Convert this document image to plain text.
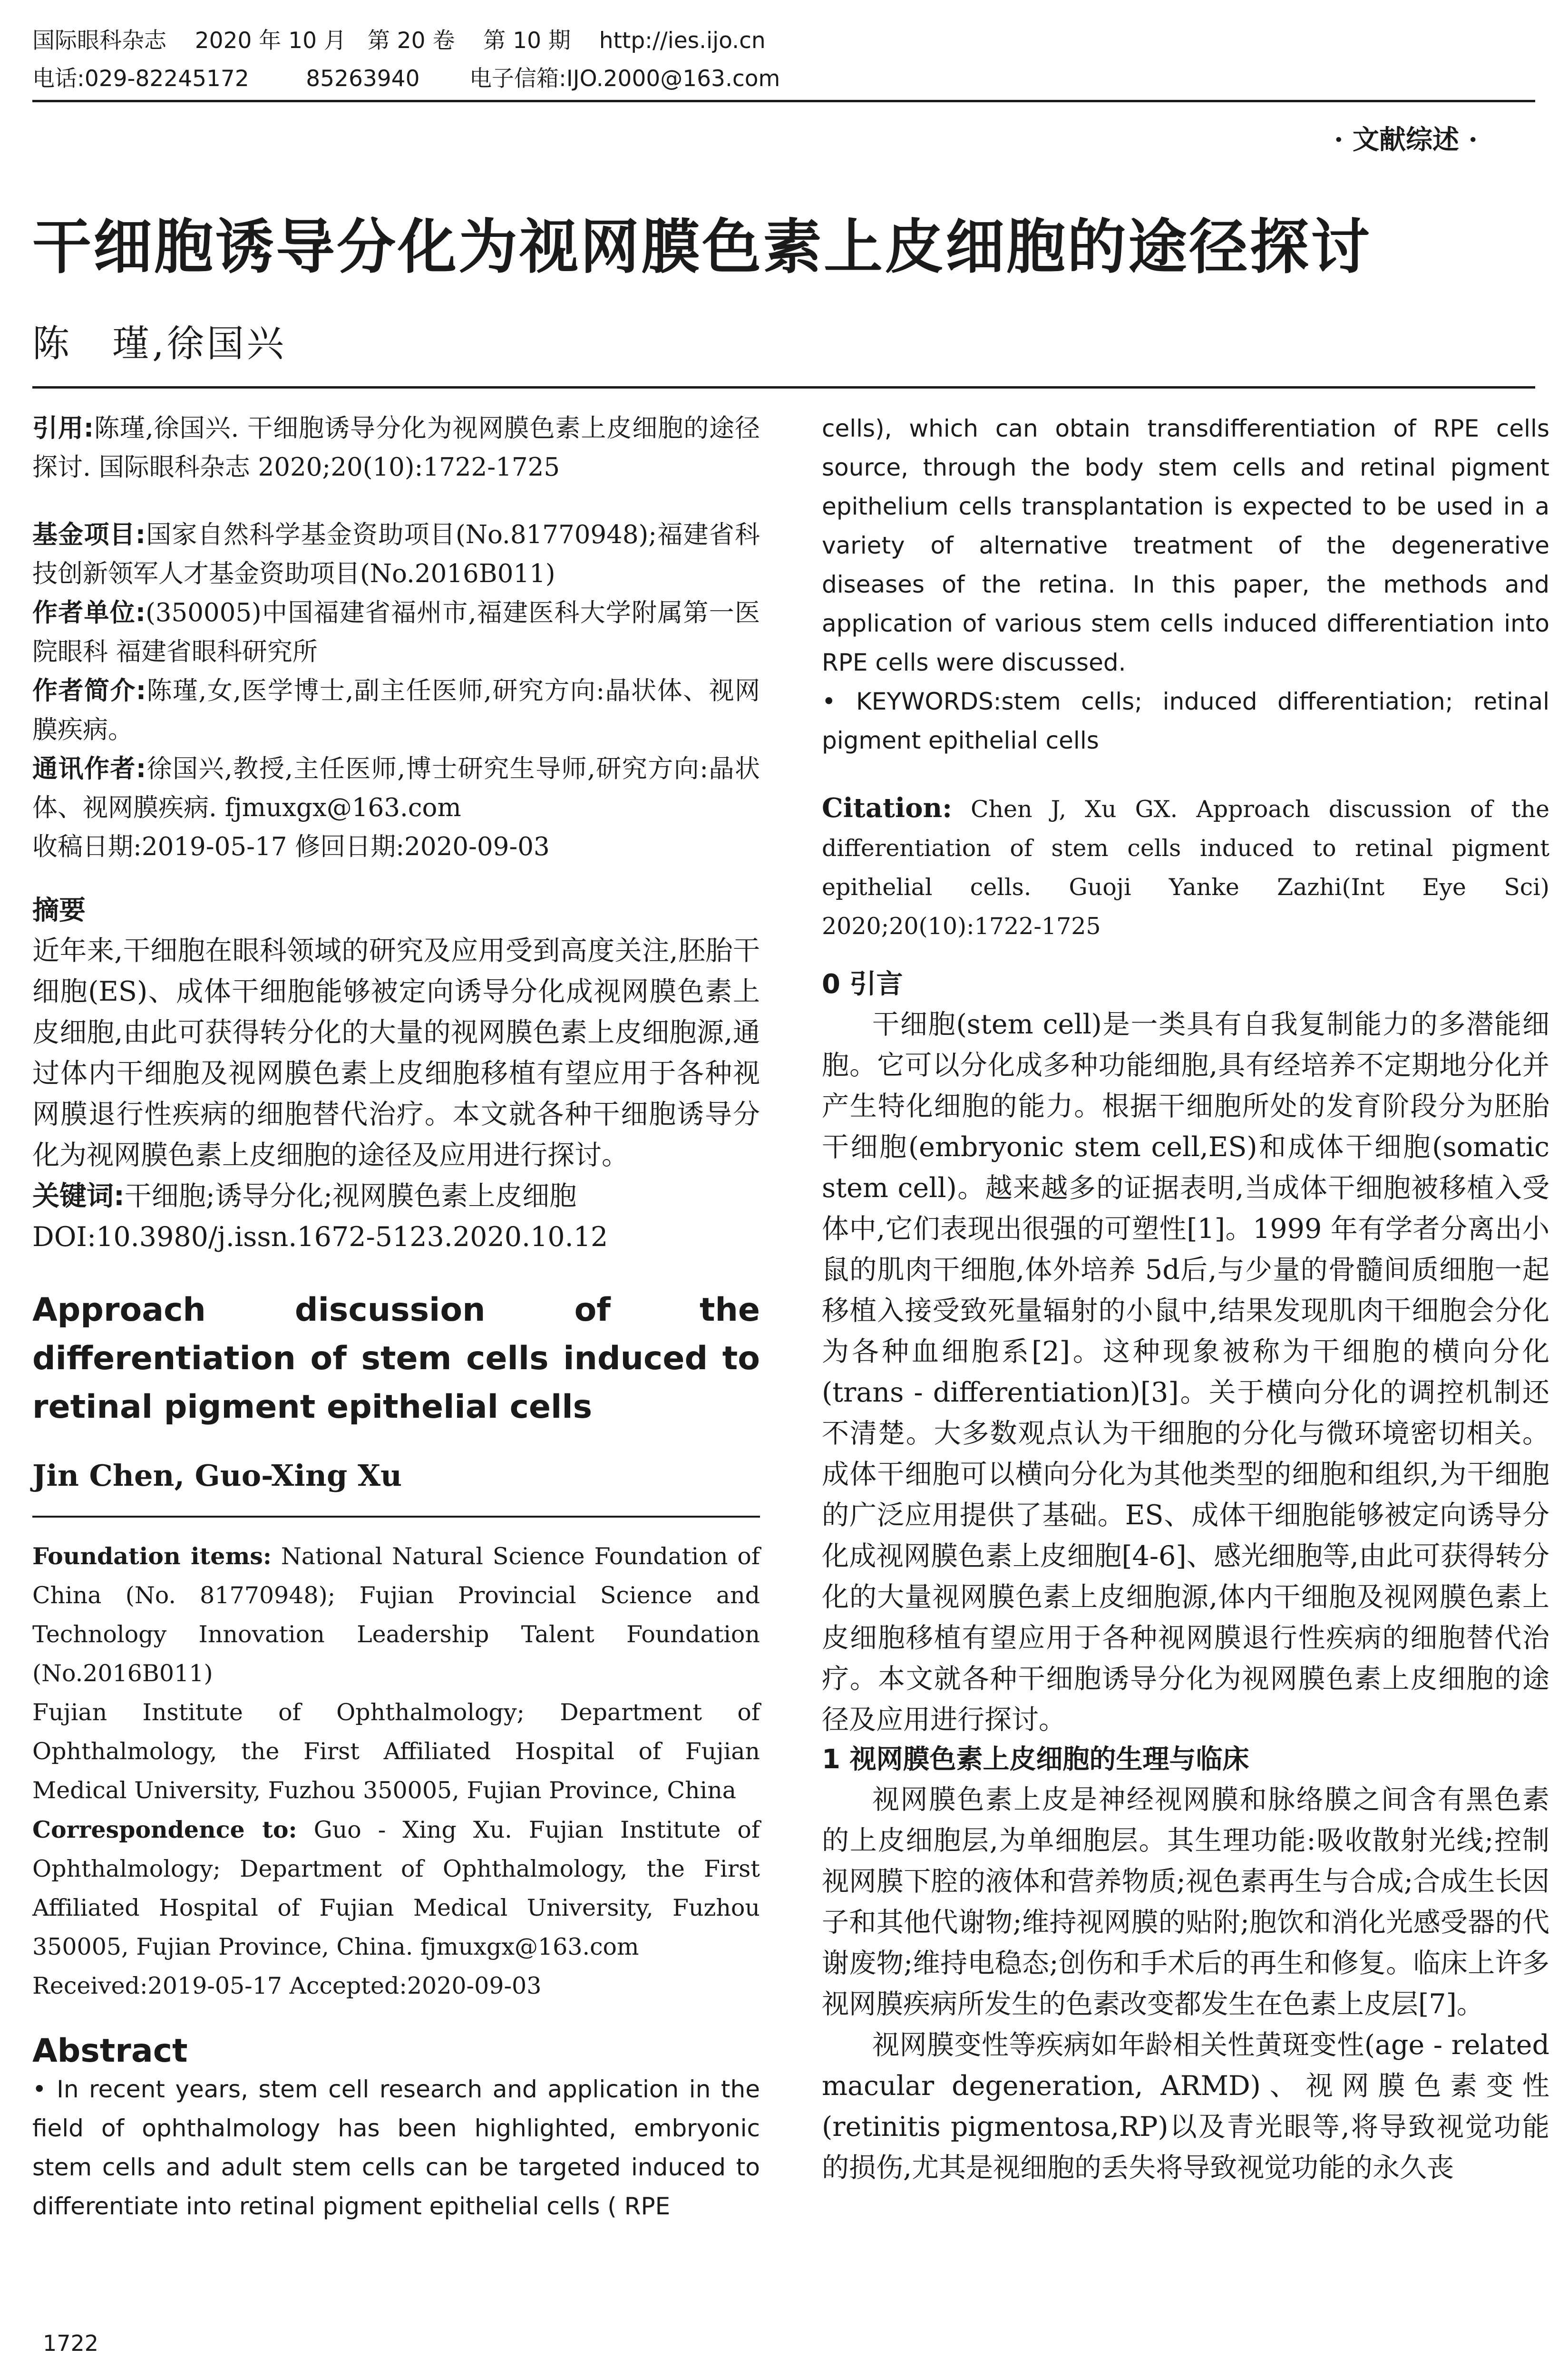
国际眼科杂志    2020 年 10 月   第 20 卷    第 10 期    http://ies.ijo.cn
电话:029-82245172        85263940       电子信箱:IJO.2000@163.com
· 文献综述 ·
干细胞诱导分化为视网膜色素上皮细胞的途径探讨
陈　瑾,徐国兴

引用:陈瑾,徐国兴. 干细胞诱导分化为视网膜色素上皮细胞的途径探讨. 国际眼科杂志 2020;20(10):1722-1725

基金项目:国家自然科学基金资助项目(No.81770948);福建省科技创新领军人才基金资助项目(No.2016B011)

作者单位:(350005)中国福建省福州市,福建医科大学附属第一医院眼科 福建省眼科研究所

作者简介:陈瑾,女,医学博士,副主任医师,研究方向:晶状体、视网膜疾病。

通讯作者:徐国兴,教授,主任医师,博士研究生导师,研究方向:晶状体、视网膜疾病. fjmuxgx@163.com

收稿日期:2019-05-17 修回日期:2020-09-03

摘要

近年来,干细胞在眼科领域的研究及应用受到高度关注,胚胎干细胞(ES)、成体干细胞能够被定向诱导分化成视网膜色素上皮细胞,由此可获得转分化的大量的视网膜色素上皮细胞源,通过体内干细胞及视网膜色素上皮细胞移植有望应用于各种视网膜退行性疾病的细胞替代治疗。本文就各种干细胞诱导分化为视网膜色素上皮细胞的途径及应用进行探讨。

关键词:干细胞;诱导分化;视网膜色素上皮细胞

DOI:10.3980/j.issn.1672-5123.2020.10.12

Approach discussion of the differentiation of stem cells induced to retinal pigment epithelial cells

Jin Chen, Guo-Xing Xu

Foundation items: National Natural Science Foundation of China (No. 81770948); Fujian Provincial Science and Technology Innovation Leadership Talent Foundation (No.2016B011)

Fujian Institute of Ophthalmology; Department of Ophthalmology, the First Affiliated Hospital of Fujian Medical University, Fuzhou 350005, Fujian Province, China

Correspondence to: Guo - Xing Xu. Fujian Institute of Ophthalmology; Department of Ophthalmology, the First Affiliated Hospital of Fujian Medical University, Fuzhou 350005, Fujian Province, China. fjmuxgx@163.com

Received:2019-05-17 Accepted:2020-09-03

Abstract

• In recent years, stem cell research and application in the field of ophthalmology has been highlighted, embryonic stem cells and adult stem cells can be targeted induced to differentiate into retinal pigment epithelial cells ( RPE

cells), which can obtain transdifferentiation of RPE cells source, through the body stem cells and retinal pigment epithelium cells transplantation is expected to be used in a variety of alternative treatment of the degenerative diseases of the retina. In this paper, the methods and application of various stem cells induced differentiation into RPE cells were discussed.

• KEYWORDS:stem cells; induced differentiation; retinal pigment epithelial cells

Citation: Chen J, Xu GX. Approach discussion of the differentiation of stem cells induced to retinal pigment epithelial cells. Guoji Yanke Zazhi(Int Eye Sci) 2020;20(10):1722-1725

0 引言

干细胞(stem cell)是一类具有自我复制能力的多潜能细胞。它可以分化成多种功能细胞,具有经培养不定期地分化并产生特化细胞的能力。根据干细胞所处的发育阶段分为胚胎干细胞(embryonic stem cell,ES)和成体干细胞(somatic stem cell)。越来越多的证据表明,当成体干细胞被移植入受体中,它们表现出很强的可塑性[1]。1999 年有学者分离出小鼠的肌肉干细胞,体外培养 5d后,与少量的骨髓间质细胞一起移植入接受致死量辐射的小鼠中,结果发现肌肉干细胞会分化为各种血细胞系[2]。这种现象被称为干细胞的横向分化(trans - differentiation)[3]。关于横向分化的调控机制还不清楚。大多数观点认为干细胞的分化与微环境密切相关。成体干细胞可以横向分化为其他类型的细胞和组织,为干细胞的广泛应用提供了基础。ES、成体干细胞能够被定向诱导分化成视网膜色素上皮细胞[4-6]、感光细胞等,由此可获得转分化的大量视网膜色素上皮细胞源,体内干细胞及视网膜色素上皮细胞移植有望应用于各种视网膜退行性疾病的细胞替代治疗。本文就各种干细胞诱导分化为视网膜色素上皮细胞的途径及应用进行探讨。

1 视网膜色素上皮细胞的生理与临床

视网膜色素上皮是神经视网膜和脉络膜之间含有黑色素的上皮细胞层,为单细胞层。其生理功能:吸收散射光线;控制视网膜下腔的液体和营养物质;视色素再生与合成;合成生长因子和其他代谢物;维持视网膜的贴附;胞饮和消化光感受器的代谢废物;维持电稳态;创伤和手术后的再生和修复。临床上许多视网膜疾病所发生的色素改变都发生在色素上皮层[7]。

视网膜变性等疾病如年龄相关性黄斑变性(age - related macular degeneration, ARMD)、视网膜色素变性(retinitis pigmentosa,RP)以及青光眼等,将导致视觉功能的损伤,尤其是视细胞的丢失将导致视觉功能的永久丧

1722
